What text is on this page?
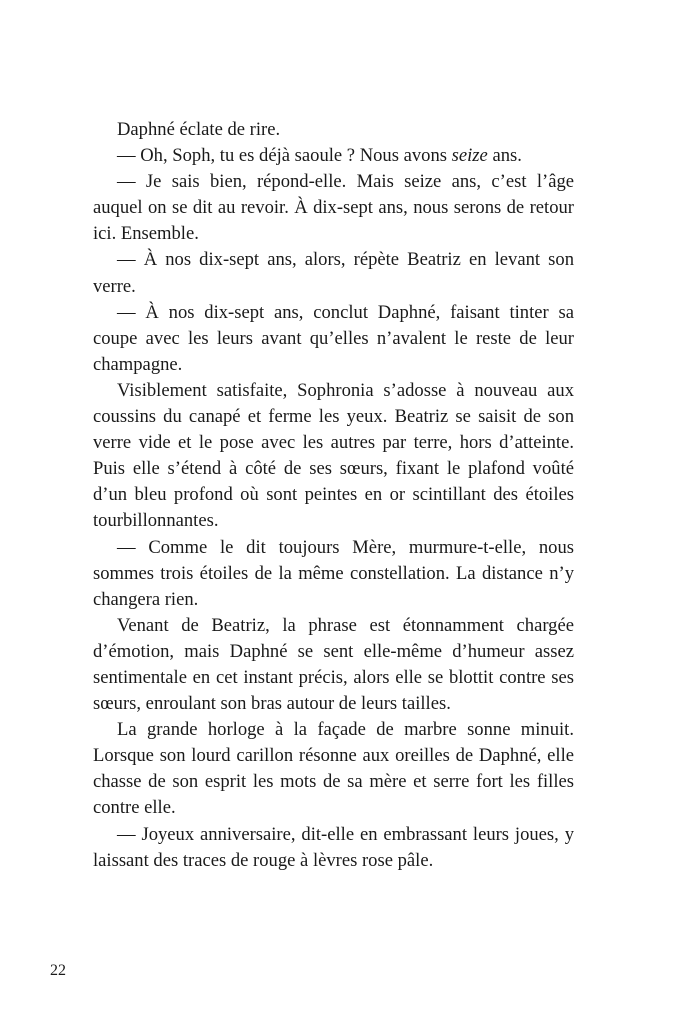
Daphné éclate de rire.

— Oh, Soph, tu es déjà saoule ? Nous avons seize ans.

— Je sais bien, répond-elle. Mais seize ans, c’est l’âge auquel on se dit au revoir. À dix-sept ans, nous serons de retour ici. Ensemble.

— À nos dix-sept ans, alors, répète Beatriz en levant son verre.

— À nos dix-sept ans, conclut Daphné, faisant tinter sa coupe avec les leurs avant qu’elles n’avalent le reste de leur champagne.

Visiblement satisfaite, Sophronia s’adosse à nouveau aux coussins du canapé et ferme les yeux. Beatriz se saisit de son verre vide et le pose avec les autres par terre, hors d’atteinte. Puis elle s’étend à côté de ses sœurs, fixant le plafond voûté d’un bleu profond où sont peintes en or scintillant des étoiles tourbillonnantes.

— Comme le dit toujours Mère, murmure-t-elle, nous sommes trois étoiles de la même constellation. La distance n’y changera rien.

Venant de Beatriz, la phrase est étonnamment chargée d’émotion, mais Daphné se sent elle-même d’humeur assez sentimentale en cet instant précis, alors elle se blottit contre ses sœurs, enroulant son bras autour de leurs tailles.

La grande horloge à la façade de marbre sonne minuit. Lorsque son lourd carillon résonne aux oreilles de Daphné, elle chasse de son esprit les mots de sa mère et serre fort les filles contre elle.

— Joyeux anniversaire, dit-elle en embrassant leurs joues, y laissant des traces de rouge à lèvres rose pâle.

22
